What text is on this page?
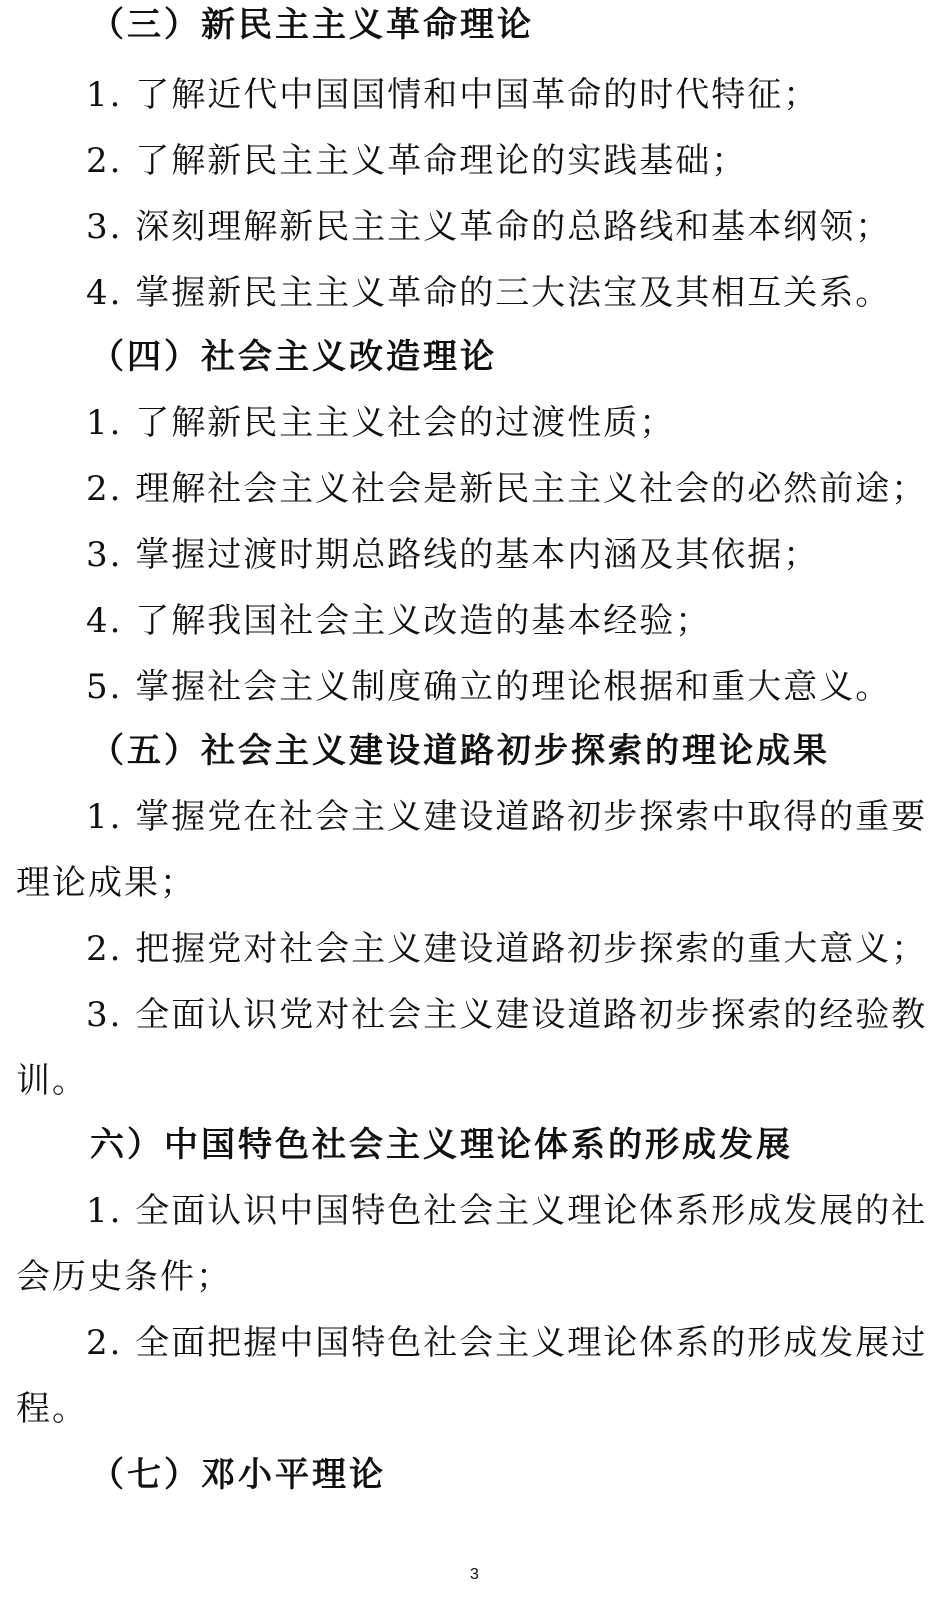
（三）新民主主义革命理论
1. 了解近代中国国情和中国革命的时代特征；
2. 了解新民主主义革命理论的实践基础；
3. 深刻理解新民主主义革命的总路线和基本纲领；
4. 掌握新民主主义革命的三大法宝及其相互关系。
（四）社会主义改造理论
1. 了解新民主主义社会的过渡性质；
2. 理解社会主义社会是新民主主义社会的必然前途；
3. 掌握过渡时期总路线的基本内涵及其依据；
4. 了解我国社会主义改造的基本经验；
5. 掌握社会主义制度确立的理论根据和重大意义。
（五）社会主义建设道路初步探索的理论成果
1. 掌握党在社会主义建设道路初步探索中取得的重要
理论成果；
2. 把握党对社会主义建设道路初步探索的重大意义；
3. 全面认识党对社会主义建设道路初步探索的经验教
训。
六）中国特色社会主义理论体系的形成发展
1. 全面认识中国特色社会主义理论体系形成发展的社
会历史条件；
2. 全面把握中国特色社会主义理论体系的形成发展过
程。
（七）邓小平理论
3
